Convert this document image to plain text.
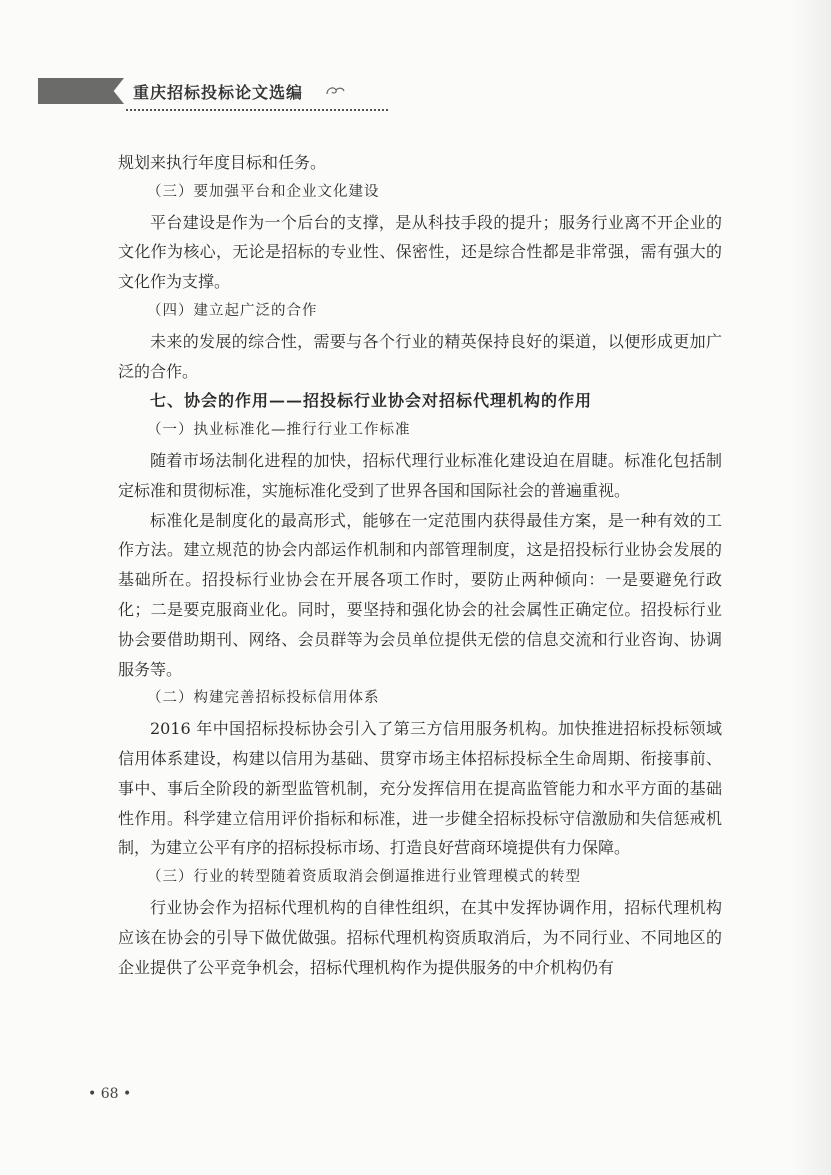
重庆招标投标论文选编

规划来执行年度目标和任务。

（三）要加强平台和企业文化建设

平台建设是作为一个后台的支撑，是从科技手段的提升；服务行业离不开企业的文化作为核心，无论是招标的专业性、保密性，还是综合性都是非常强，需有强大的文化作为支撑。

（四）建立起广泛的合作

未来的发展的综合性，需要与各个行业的精英保持良好的渠道，以便形成更加广泛的合作。

七、协会的作用——招投标行业协会对招标代理机构的作用
（一）执业标准化—推行行业工作标准

随着市场法制化进程的加快，招标代理行业标准化建设迫在眉睫。标准化包括制定标准和贯彻标准，实施标准化受到了世界各国和国际社会的普遍重视。

标准化是制度化的最高形式，能够在一定范围内获得最佳方案，是一种有效的工作方法。建立规范的协会内部运作机制和内部管理制度，这是招投标行业协会发展的基础所在。招投标行业协会在开展各项工作时，要防止两种倾向：一是要避免行政化；二是要克服商业化。同时，要坚持和强化协会的社会属性正确定位。招投标行业协会要借助期刊、网络、会员群等为会员单位提供无偿的信息交流和行业咨询、协调服务等。

（二）构建完善招标投标信用体系

2016 年中国招标投标协会引入了第三方信用服务机构。加快推进招标投标领域信用体系建设，构建以信用为基础、贯穿市场主体招标投标全生命周期、衔接事前、事中、事后全阶段的新型监管机制，充分发挥信用在提高监管能力和水平方面的基础性作用。科学建立信用评价指标和标准，进一步健全招标投标守信激励和失信惩戒机制，为建立公平有序的招标投标市场、打造良好营商环境提供有力保障。

（三）行业的转型随着资质取消会倒逼推进行业管理模式的转型

行业协会作为招标代理机构的自律性组织，在其中发挥协调作用，招标代理机构应该在协会的引导下做优做强。招标代理机构资质取消后，为不同行业、不同地区的企业提供了公平竞争机会，招标代理机构作为提供服务的中介机构仍有

• 68 •
